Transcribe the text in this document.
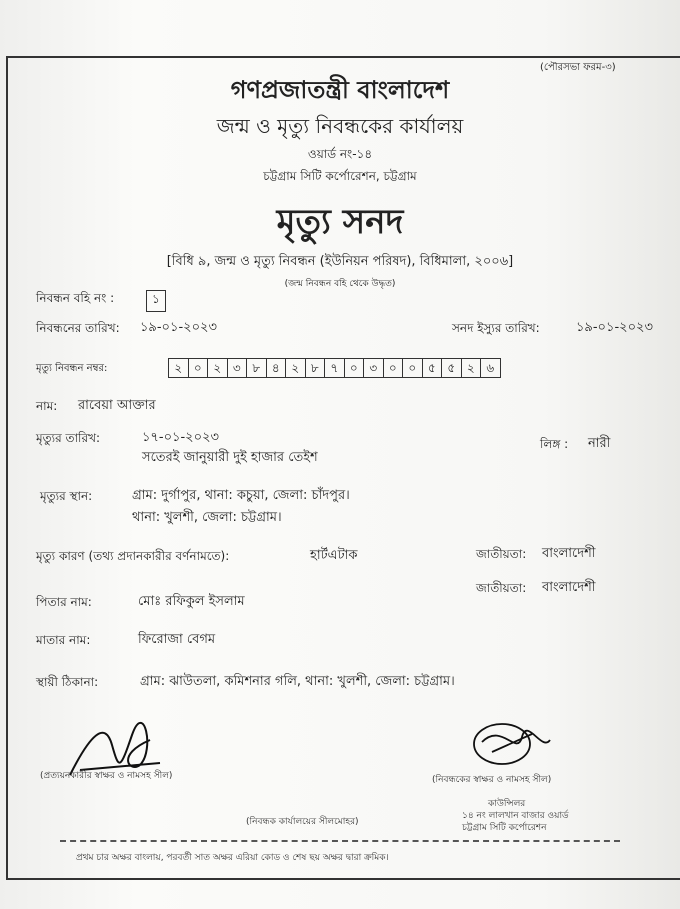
(পৌরসভা ফরম-৩)
গণপ্রজাতন্ত্রী বাংলাদেশ
জন্ম ও মৃত্যু নিবন্ধকের কার্যালয়
ওয়ার্ড নং-১৪
চট্টগ্রাম সিটি কর্পোরেশন, চট্টগ্রাম
মৃত্যু সনদ
[বিধি ৯, জন্ম ও মৃত্যু নিবন্ধন (ইউনিয়ন পরিষদ), বিধিমালা, ২০০৬]
(জন্ম নিবন্ধন বহি থেকে উদ্ধৃত)
নিবন্ধন বহি নং :	১
নিবন্ধনের তারিখ: ১৯-০১-২০২৩	সনদ ইস্যুর তারিখ:	১৯-০১-২০২৩
মৃত্যু নিবন্ধন নম্বর:	২ ০ ২ ৩ ৮ ৪ ২ ৮ ৭ ০ ৩ ০ ০ ৫ ৫ ২ ৬
নাম: রাবেয়া আক্তার
মৃত্যুর তারিখ:	১৭-০১-২০২৩
সতেরই জানুয়ারী দুই হাজার তেইশ
লিঙ্গ : নারী
মৃত্যুর স্থান:	গ্রাম: দুর্গাপুর, থানা: কচুয়া, জেলা: চাঁদপুর।
থানা: খুলশী, জেলা: চট্টগ্রাম।
মৃত্যু কারণ (তথ্য প্রদানকারীর বর্ণনামতে):	হার্টএটাক	জাতীয়তা: বাংলাদেশী
জাতীয়তা: বাংলাদেশী
পিতার নাম:	মোঃ রফিকুল ইসলাম
মাতার নাম:	ফিরোজা বেগম
স্থায়ী ঠিকানা:	গ্রাম: ঝাউতলা, কমিশনার গলি, থানা: খুলশী, জেলা: চট্টগ্রাম।
(প্রত্যয়নকারীর স্বাক্ষর ও নামসহ সীল)	(নিবন্ধকের স্বাক্ষর ও নামসহ সীল)
কাউন্সিলর
১৪ নং লালখান বাজার ওয়ার্ড
চট্টগ্রাম সিটি কর্পোরেশন
(নিবন্ধক কার্যালয়ের সীলমোহর)
প্রথম চার অক্ষর বাংলায়, পরবর্তী সাত অক্ষর এরিয়া কোড ও শেষ ছয় অক্ষর দ্বারা ক্রমিক।
